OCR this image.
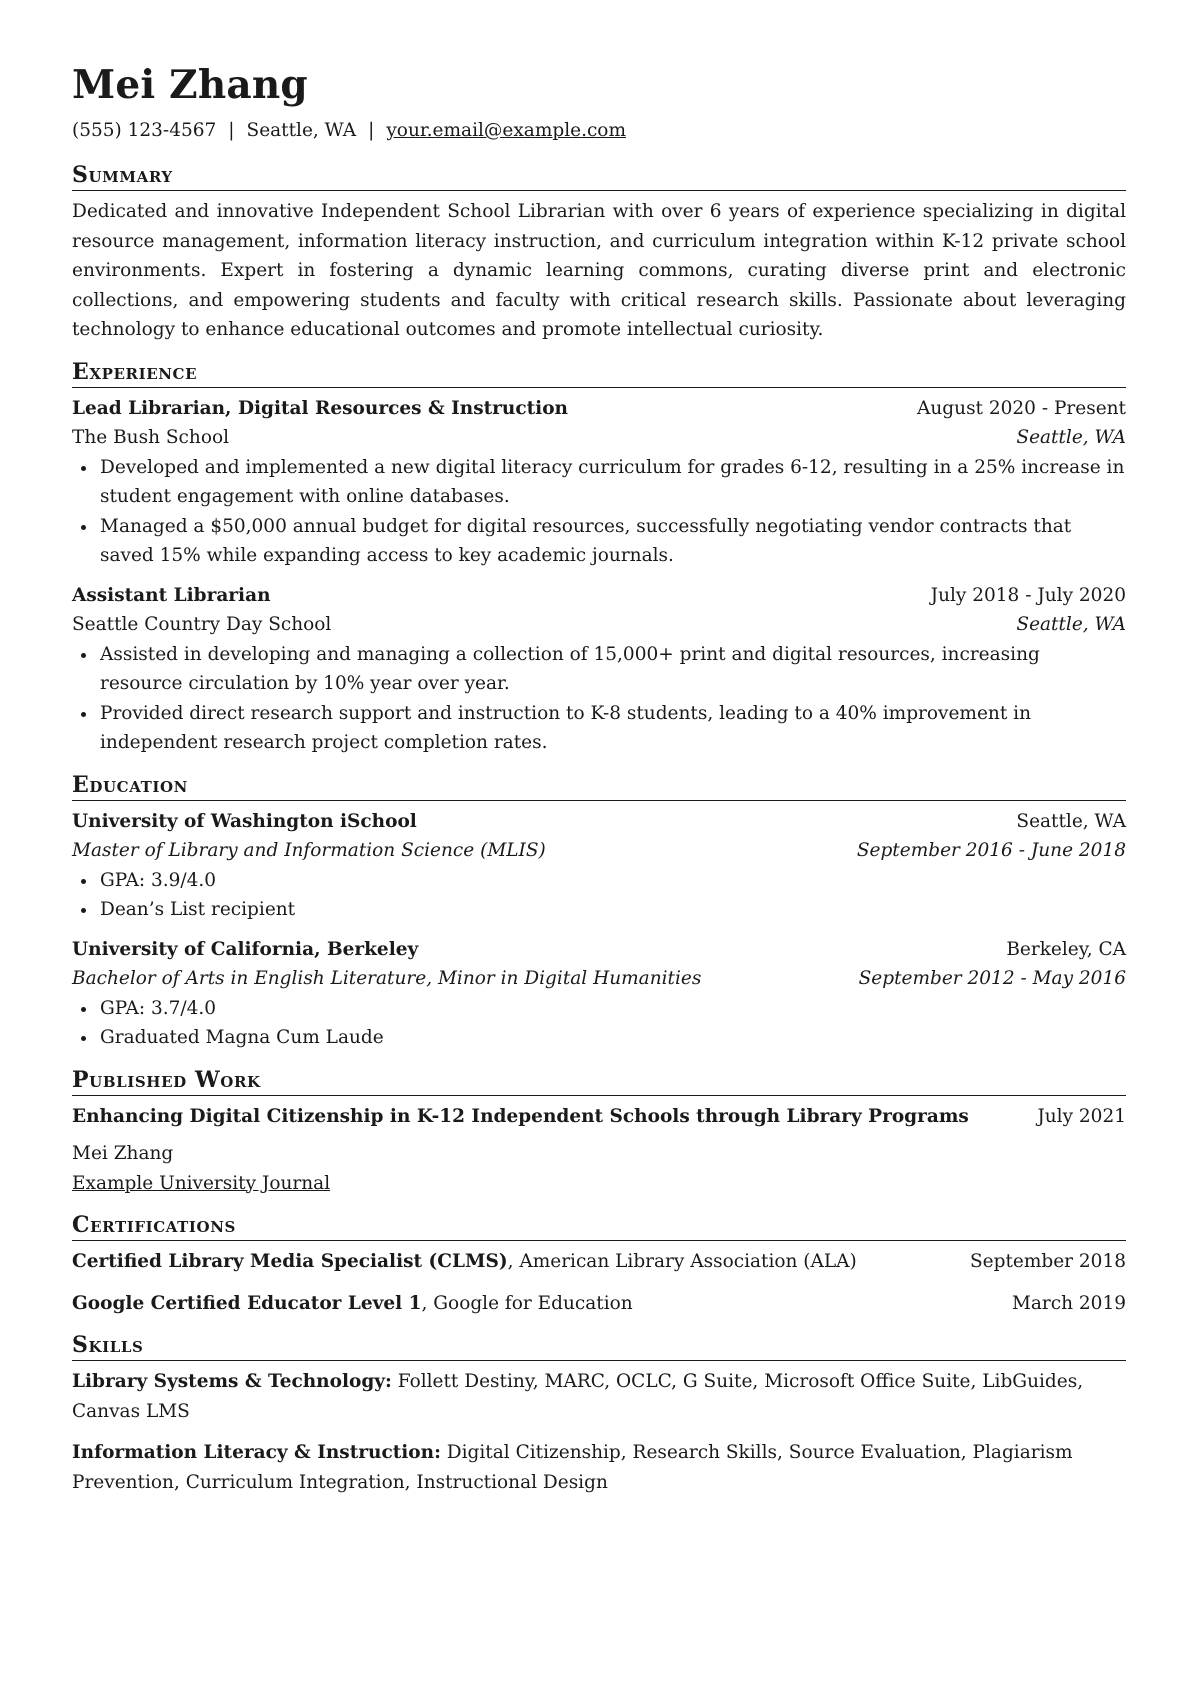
Mei Zhang
(555) 123-4567 | Seattle, WA | your.email@example.com
Summary
Dedicated and innovative Independent School Librarian with over 6 years of experience specializing in digital resource management, information literacy instruction, and curriculum integration within K-12 private school environments. Expert in fostering a dynamic learning commons, curating diverse print and electronic collections, and empowering students and faculty with critical research skills. Passionate about leveraging technology to enhance educational outcomes and promote intellectual curiosity.
Experience
Lead Librarian, Digital Resources & Instruction	August 2020 - Present
The Bush School	Seattle, WA
Developed and implemented a new digital literacy curriculum for grades 6-12, resulting in a 25% increase in student engagement with online databases.
Managed a $50,000 annual budget for digital resources, successfully negotiating vendor contracts that saved 15% while expanding access to key academic journals.
Assistant Librarian	July 2018 - July 2020
Seattle Country Day School	Seattle, WA
Assisted in developing and managing a collection of 15,000+ print and digital resources, increasing resource circulation by 10% year over year.
Provided direct research support and instruction to K-8 students, leading to a 40% improvement in independent research project completion rates.
Education
University of Washington iSchool	Seattle, WA
Master of Library and Information Science (MLIS)	September 2016 - June 2018
GPA: 3.9/4.0
Dean’s List recipient
University of California, Berkeley	Berkeley, CA
Bachelor of Arts in English Literature, Minor in Digital Humanities	September 2012 - May 2016
GPA: 3.7/4.0
Graduated Magna Cum Laude
Published Work
Enhancing Digital Citizenship in K-12 Independent Schools through Library Programs	July 2021
Mei Zhang
Example University Journal
Certifications
Certified Library Media Specialist (CLMS), American Library Association (ALA)	September 2018
Google Certified Educator Level 1, Google for Education	March 2019
Skills
Library Systems & Technology: Follett Destiny, MARC, OCLC, G Suite, Microsoft Office Suite, LibGuides, Canvas LMS
Information Literacy & Instruction: Digital Citizenship, Research Skills, Source Evaluation, Plagiarism Prevention, Curriculum Integration, Instructional Design
